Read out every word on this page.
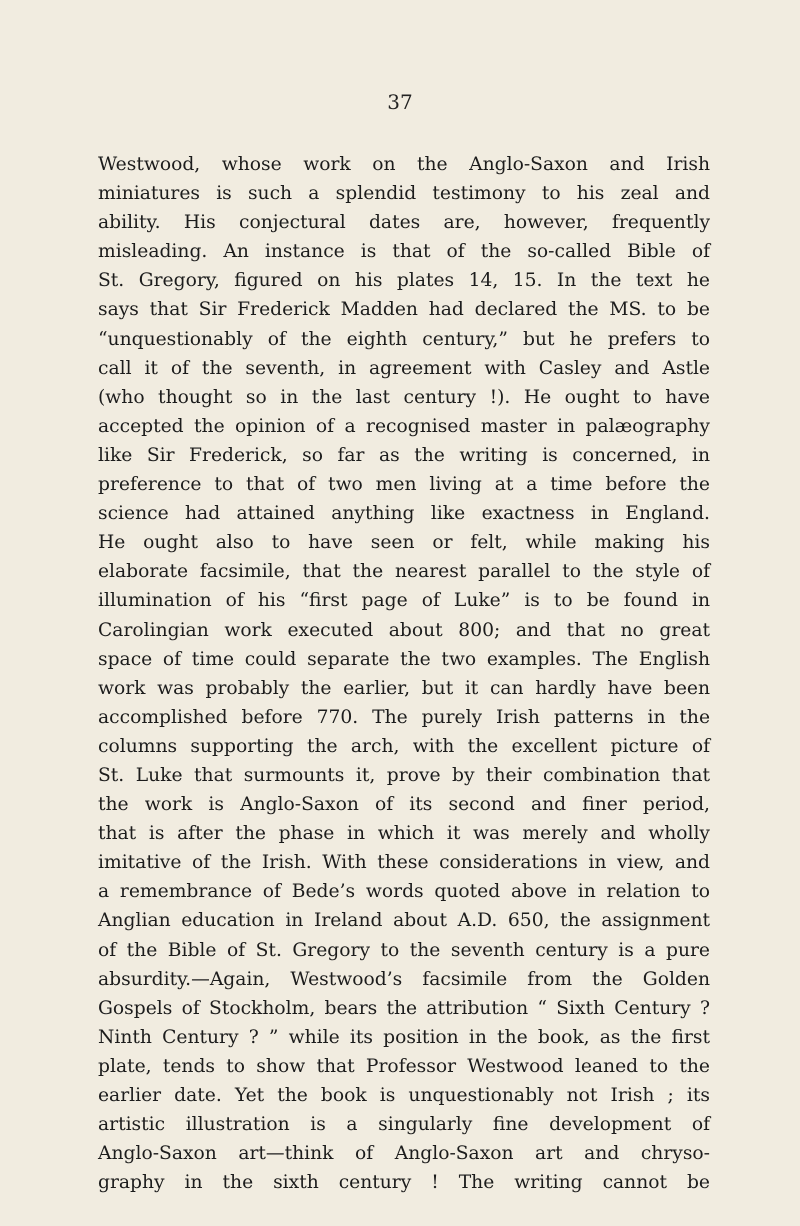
37
Westwood, whose work on the Anglo-Saxon and Irish
miniatures is such a splendid testimony to his zeal and
ability. His conjectural dates are, however, frequently
misleading. An instance is that of the so-called Bible of
St. Gregory, figured on his plates 14, 15. In the text he
says that Sir Frederick Madden had declared the MS. to be
“unquestionably of the eighth century,” but he prefers to
call it of the seventh, in agreement with Casley and Astle
(who thought so in the last century !). He ought to have
accepted the opinion of a recognised master in palæography
like Sir Frederick, so far as the writing is concerned, in
preference to that of two men living at a time before the
science had attained anything like exactness in England.
He ought also to have seen or felt, while making his
elaborate facsimile, that the nearest parallel to the style of
illumination of his “first page of Luke” is to be found in
Carolingian work executed about 800; and that no great
space of time could separate the two examples. The English
work was probably the earlier, but it can hardly have been
accomplished before 770. The purely Irish patterns in the
columns supporting the arch, with the excellent picture of
St. Luke that surmounts it, prove by their combination that
the work is Anglo-Saxon of its second and finer period,
that is after the phase in which it was merely and wholly
imitative of the Irish. With these considerations in view, and
a remembrance of Bede’s words quoted above in relation to
Anglian education in Ireland about A.D. 650, the assignment
of the Bible of St. Gregory to the seventh century is a pure
absurdity.—Again, Westwood’s facsimile from the Golden
Gospels of Stockholm, bears the attribution “ Sixth Century ?
Ninth Century ? ” while its position in the book, as the first
plate, tends to show that Professor Westwood leaned to the
earlier date. Yet the book is unquestionably not Irish ; its
artistic illustration is a singularly fine development of
Anglo-Saxon art—think of Anglo-Saxon art and chryso-
graphy in the sixth century ! The writing cannot be
